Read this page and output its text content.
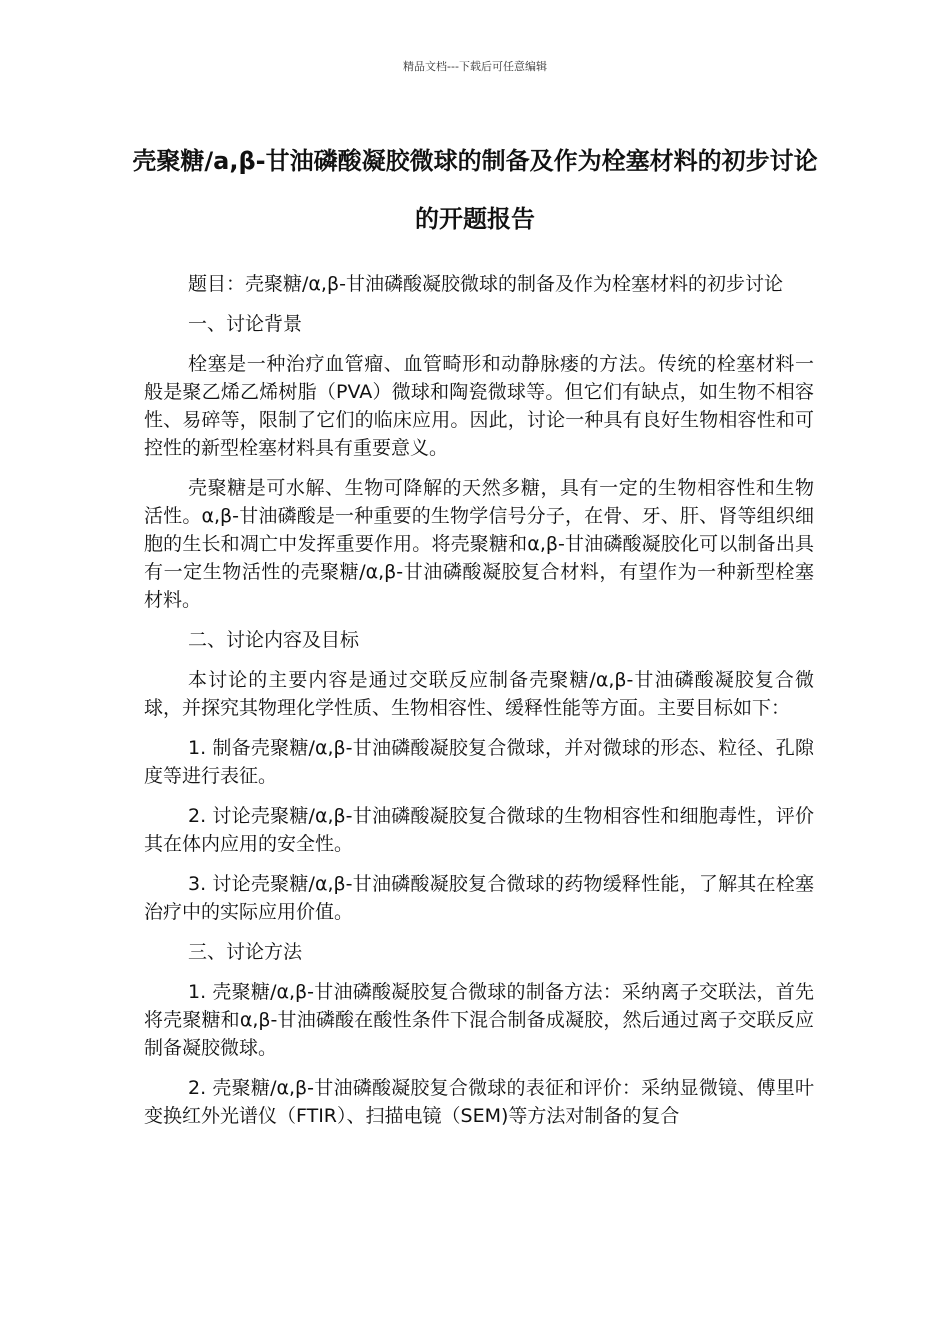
精品文档---下载后可任意编辑
壳聚糖/a,β-甘油磷酸凝胶微球的制备及作为栓塞材料的初步讨论的开题报告

题目：壳聚糖/α,β-甘油磷酸凝胶微球的制备及作为栓塞材料的初步讨论

一、讨论背景

栓塞是一种治疗血管瘤、血管畸形和动静脉瘘的方法。传统的栓塞材料一般是聚乙烯乙烯树脂（PVA）微球和陶瓷微球等。但它们有缺点，如生物不相容性、易碎等，限制了它们的临床应用。因此，讨论一种具有良好生物相容性和可控性的新型栓塞材料具有重要意义。

壳聚糖是可水解、生物可降解的天然多糖，具有一定的生物相容性和生物活性。α,β-甘油磷酸是一种重要的生物学信号分子，在骨、牙、肝、肾等组织细胞的生长和凋亡中发挥重要作用。将壳聚糖和α,β-甘油磷酸凝胶化可以制备出具有一定生物活性的壳聚糖/α,β-甘油磷酸凝胶复合材料，有望作为一种新型栓塞材料。

二、讨论内容及目标

本讨论的主要内容是通过交联反应制备壳聚糖/α,β-甘油磷酸凝胶复合微球，并探究其物理化学性质、生物相容性、缓释性能等方面。主要目标如下：

1. 制备壳聚糖/α,β-甘油磷酸凝胶复合微球，并对微球的形态、粒径、孔隙度等进行表征。

2. 讨论壳聚糖/α,β-甘油磷酸凝胶复合微球的生物相容性和细胞毒性，评价其在体内应用的安全性。

3. 讨论壳聚糖/α,β-甘油磷酸凝胶复合微球的药物缓释性能，了解其在栓塞治疗中的实际应用价值。

三、讨论方法

1. 壳聚糖/α,β-甘油磷酸凝胶复合微球的制备方法：采纳离子交联法，首先将壳聚糖和α,β-甘油磷酸在酸性条件下混合制备成凝胶，然后通过离子交联反应制备凝胶微球。

2. 壳聚糖/α,β-甘油磷酸凝胶复合微球的表征和评价：采纳显微镜、傅里叶变换红外光谱仪（FTIR）、扫描电镜（SEM)等方法对制备的复合
